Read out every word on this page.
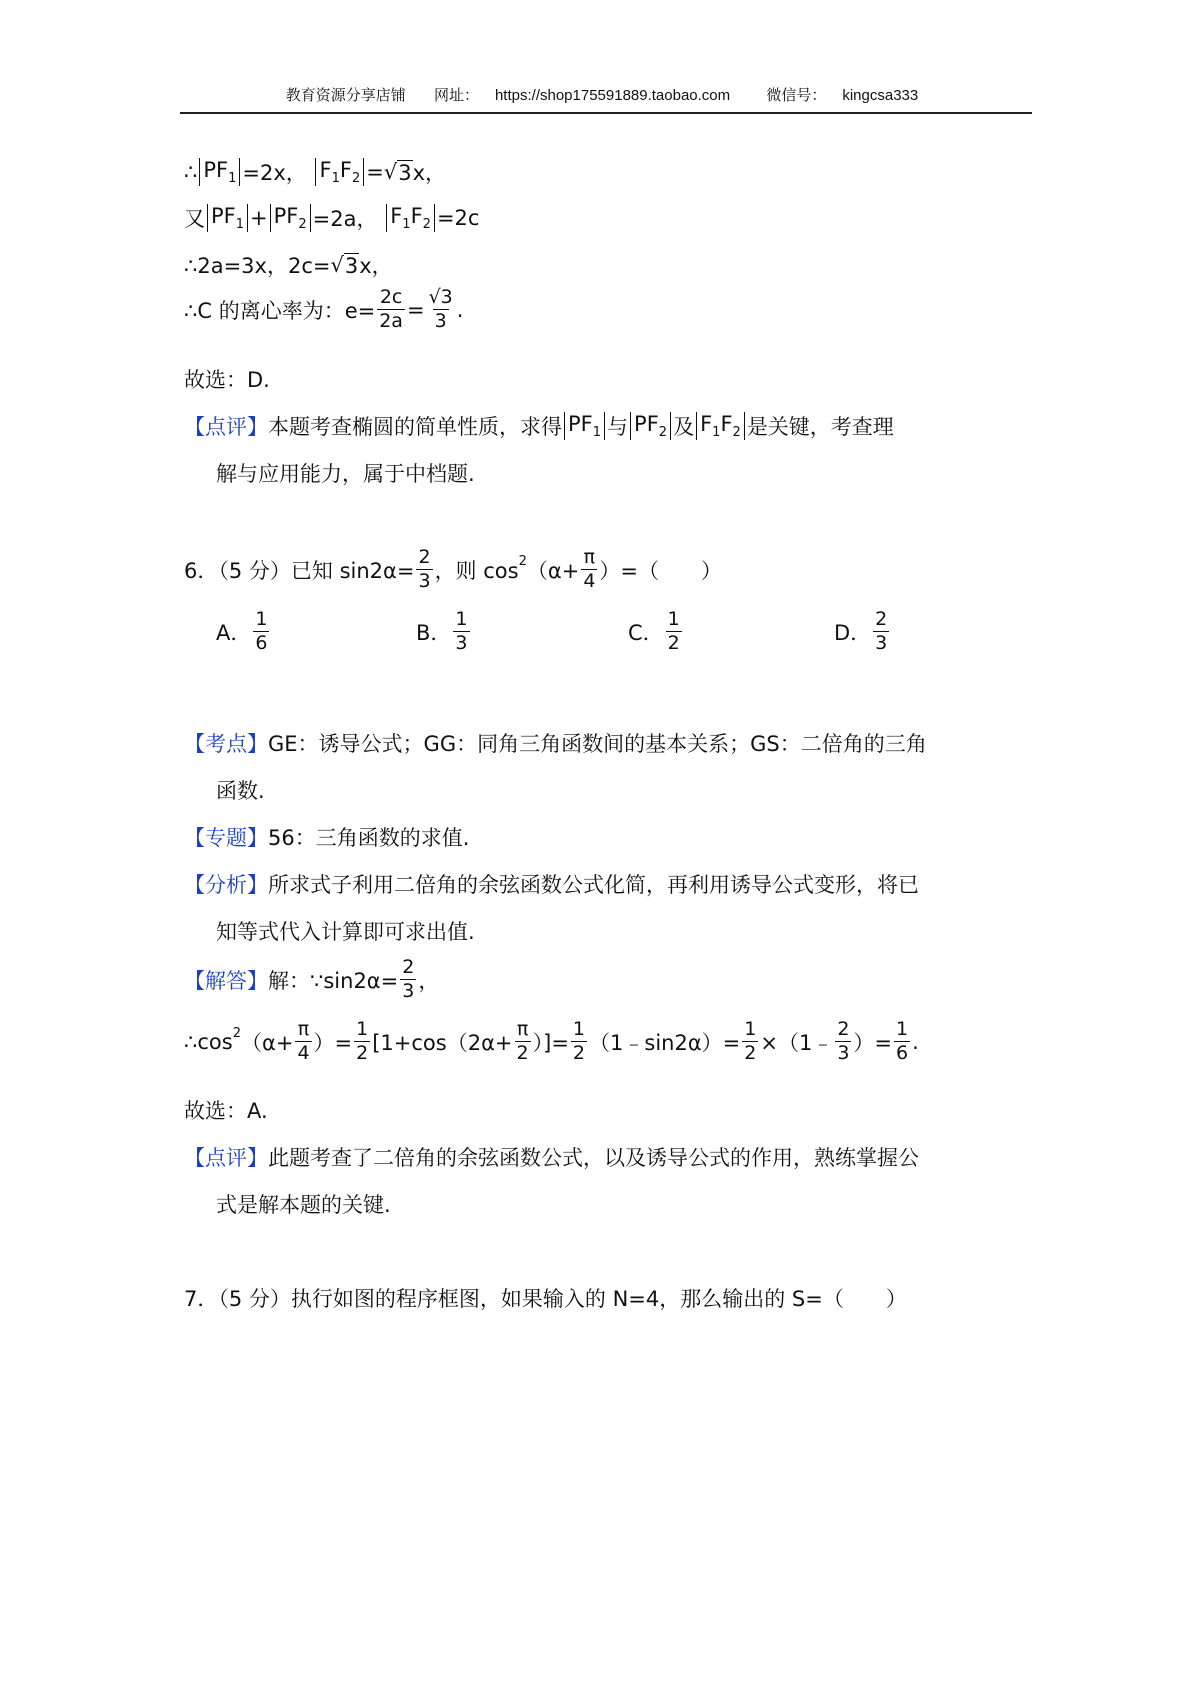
教育资源分享店铺 网址： https://shop175591889.taobao.com 微信号： kingcsa333
∴ $PF_1 =2x$，
$F_1F_2$ = √ 3 x，
又 $PF_1 + PF_2 =2a$，
$F_1F_2 =2c$
∴2a=3x，2c= √ 3 x，
∴C 的离心率为：$e= \frac{2c}{2a} = \frac{√3}{3}$ .
故选：D.
【点评】 本题考查椭圆的简单性质，求得 $PF_1$ 与 $PF_2$ 及 $F_1F_2$ 是关键，考查理
解与应用能力，属于中档题.
6．（5 分）已知 $\sin 2\alpha= \frac{2}{3}$ ，则 $\cos^2 (\alpha+ \frac{\pi}{4}$ ）=（　　）
A． $\frac{1}{6}$	B． $\frac{1}{3}$	C． $\frac{1}{2}$	D． $\frac{2}{3}$
【考点】 GE：诱导公式；GG：同角三角函数间的基本关系；GS：二倍角的三角
函数.
【专题】 56：三角函数的求值.
【分析】 所求式子利用二倍角的余弦函数公式化简，再利用诱导公式变形，将已
知等式代入计算即可求出值.
【解答】 解：∵sin2α= $\frac{2}{3}$ ，
$\therefore\cos^2$ （$\alpha+ \frac{\pi}{4}$ ）= $\frac{1}{2} [1+\cos(2\alpha+ \frac{\pi}{2}$ ）]= $\frac{1}{2}$ （1﹣sin2α）= $\frac{1}{2}$ ×（1﹣ $\frac{2}{3}$ ）= $\frac{1}{6}$ .
故选：A.
【点评】 此题考查了二倍角的余弦函数公式，以及诱导公式的作用，熟练掌握公
式是解本题的关键.
7．（5 分）执行如图的程序框图，如果输入的 N=4，那么输出的 S=（　　）
